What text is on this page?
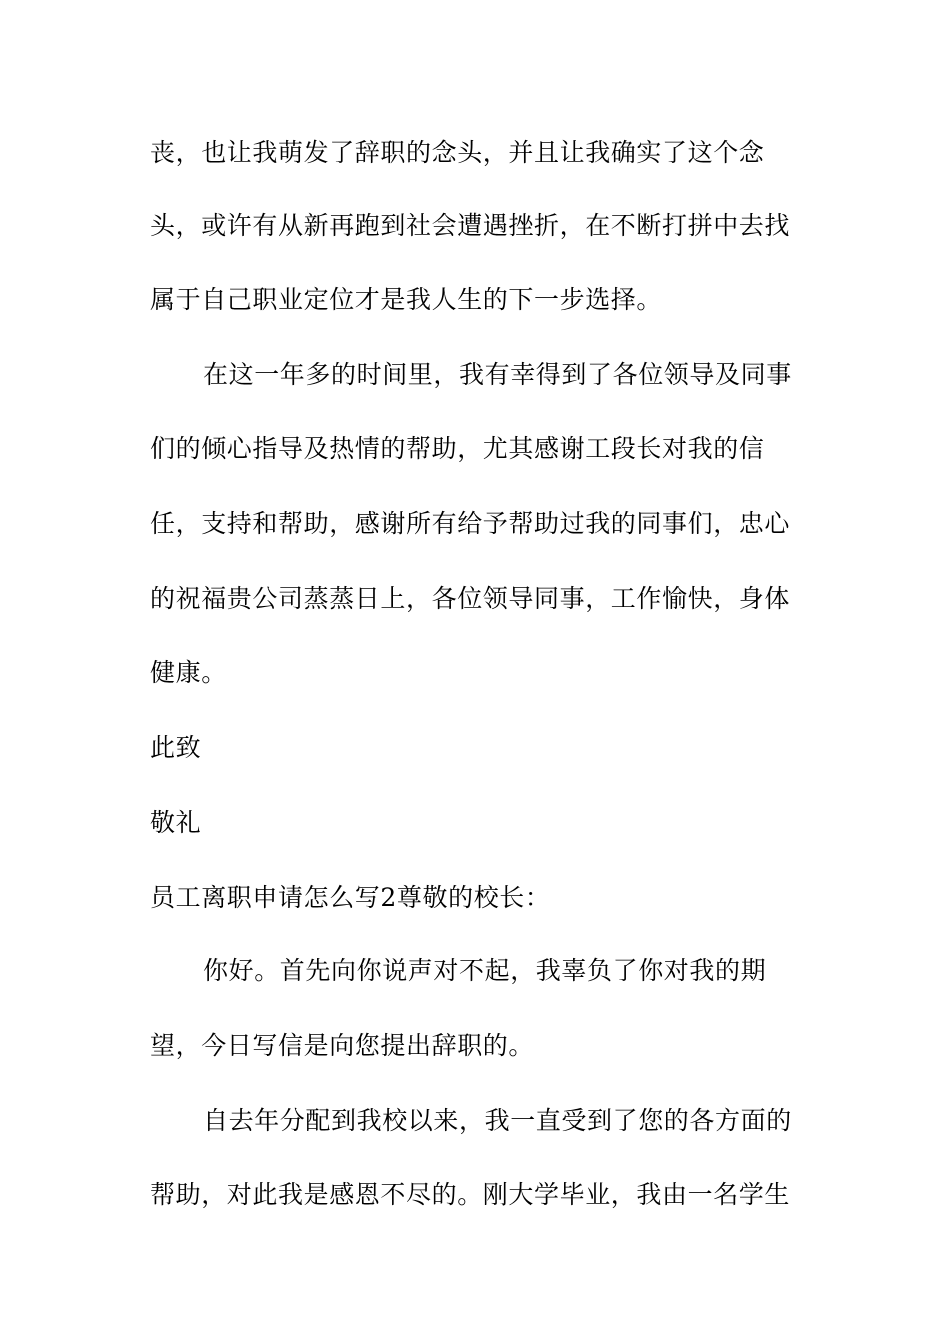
丧，也让我萌发了辞职的念头，并且让我确实了这个念
头，或许有从新再跑到社会遭遇挫折，在不断打拼中去找
属于自己职业定位才是我人生的下一步选择。
在这一年多的时间里，我有幸得到了各位领导及同事
们的倾心指导及热情的帮助，尤其感谢工段长对我的信
任，支持和帮助，感谢所有给予帮助过我的同事们，忠心
的祝福贵公司蒸蒸日上，各位领导同事，工作愉快，身体
健康。
此致
敬礼
员工离职申请怎么写2尊敬的校长：
你好。首先向你说声对不起，我辜负了你对我的期
望，今日写信是向您提出辞职的。
自去年分配到我校以来，我一直受到了您的各方面的
帮助，对此我是感恩不尽的。刚大学毕业，我由一名学生
